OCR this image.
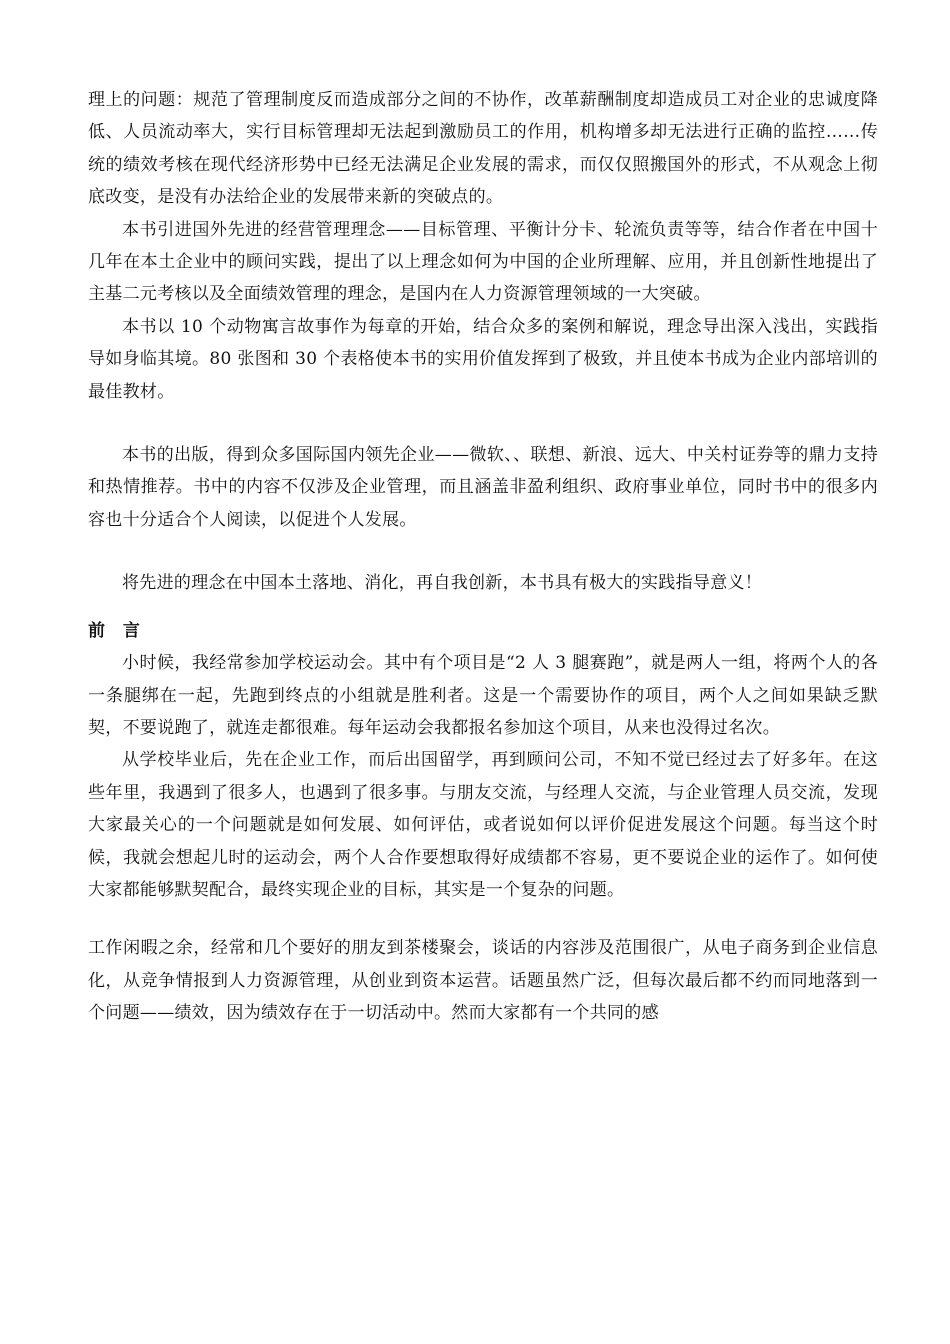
理上的问题：规范了管理制度反而造成部分之间的不协作，改革薪酬制度却造成员工对企业的忠诚度降低、人员流动率大，实行目标管理却无法起到激励员工的作用，机构增多却无法进行正确的监控……传统的绩效考核在现代经济形势中已经无法满足企业发展的需求，而仅仅照搬国外的形式，不从观念上彻底改变，是没有办法给企业的发展带来新的突破点的。

本书引进国外先进的经营管理理念——目标管理、平衡计分卡、轮流负责等等，结合作者在中国十几年在本土企业中的顾问实践，提出了以上理念如何为中国的企业所理解、应用，并且创新性地提出了主基二元考核以及全面绩效管理的理念，是国内在人力资源管理领域的一大突破。

本书以 10 个动物寓言故事作为每章的开始，结合众多的案例和解说，理念导出深入浅出，实践指导如身临其境。80 张图和 30 个表格使本书的实用价值发挥到了极致，并且使本书成为企业内部培训的最佳教材。

本书的出版，得到众多国际国内领先企业——微软、、联想、新浪、远大、中关村证券等的鼎力支持和热情推荐。书中的内容不仅涉及企业管理，而且涵盖非盈利组织、政府事业单位，同时书中的很多内容也十分适合个人阅读，以促进个人发展。

将先进的理念在中国本土落地、消化，再自我创新，本书具有极大的实践指导意义！

前 言

小时候，我经常参加学校运动会。其中有个项目是“2 人 3 腿赛跑”，就是两人一组，将两个人的各一条腿绑在一起，先跑到终点的小组就是胜利者。这是一个需要协作的项目，两个人之间如果缺乏默契，不要说跑了，就连走都很难。每年运动会我都报名参加这个项目，从来也没得过名次。

从学校毕业后，先在企业工作，而后出国留学，再到顾问公司，不知不觉已经过去了好多年。在这些年里，我遇到了很多人，也遇到了很多事。与朋友交流，与经理人交流，与企业管理人员交流，发现大家最关心的一个问题就是如何发展、如何评估，或者说如何以评价促进发展这个问题。每当这个时候，我就会想起儿时的运动会，两个人合作要想取得好成绩都不容易，更不要说企业的运作了。如何使大家都能够默契配合，最终实现企业的目标，其实是一个复杂的问题。

工作闲暇之余，经常和几个要好的朋友到茶楼聚会，谈话的内容涉及范围很广，从电子商务到企业信息化，从竞争情报到人力资源管理，从创业到资本运营。话题虽然广泛，但每次最后都不约而同地落到一个问题——绩效，因为绩效存在于一切活动中。然而大家都有一个共同的感
